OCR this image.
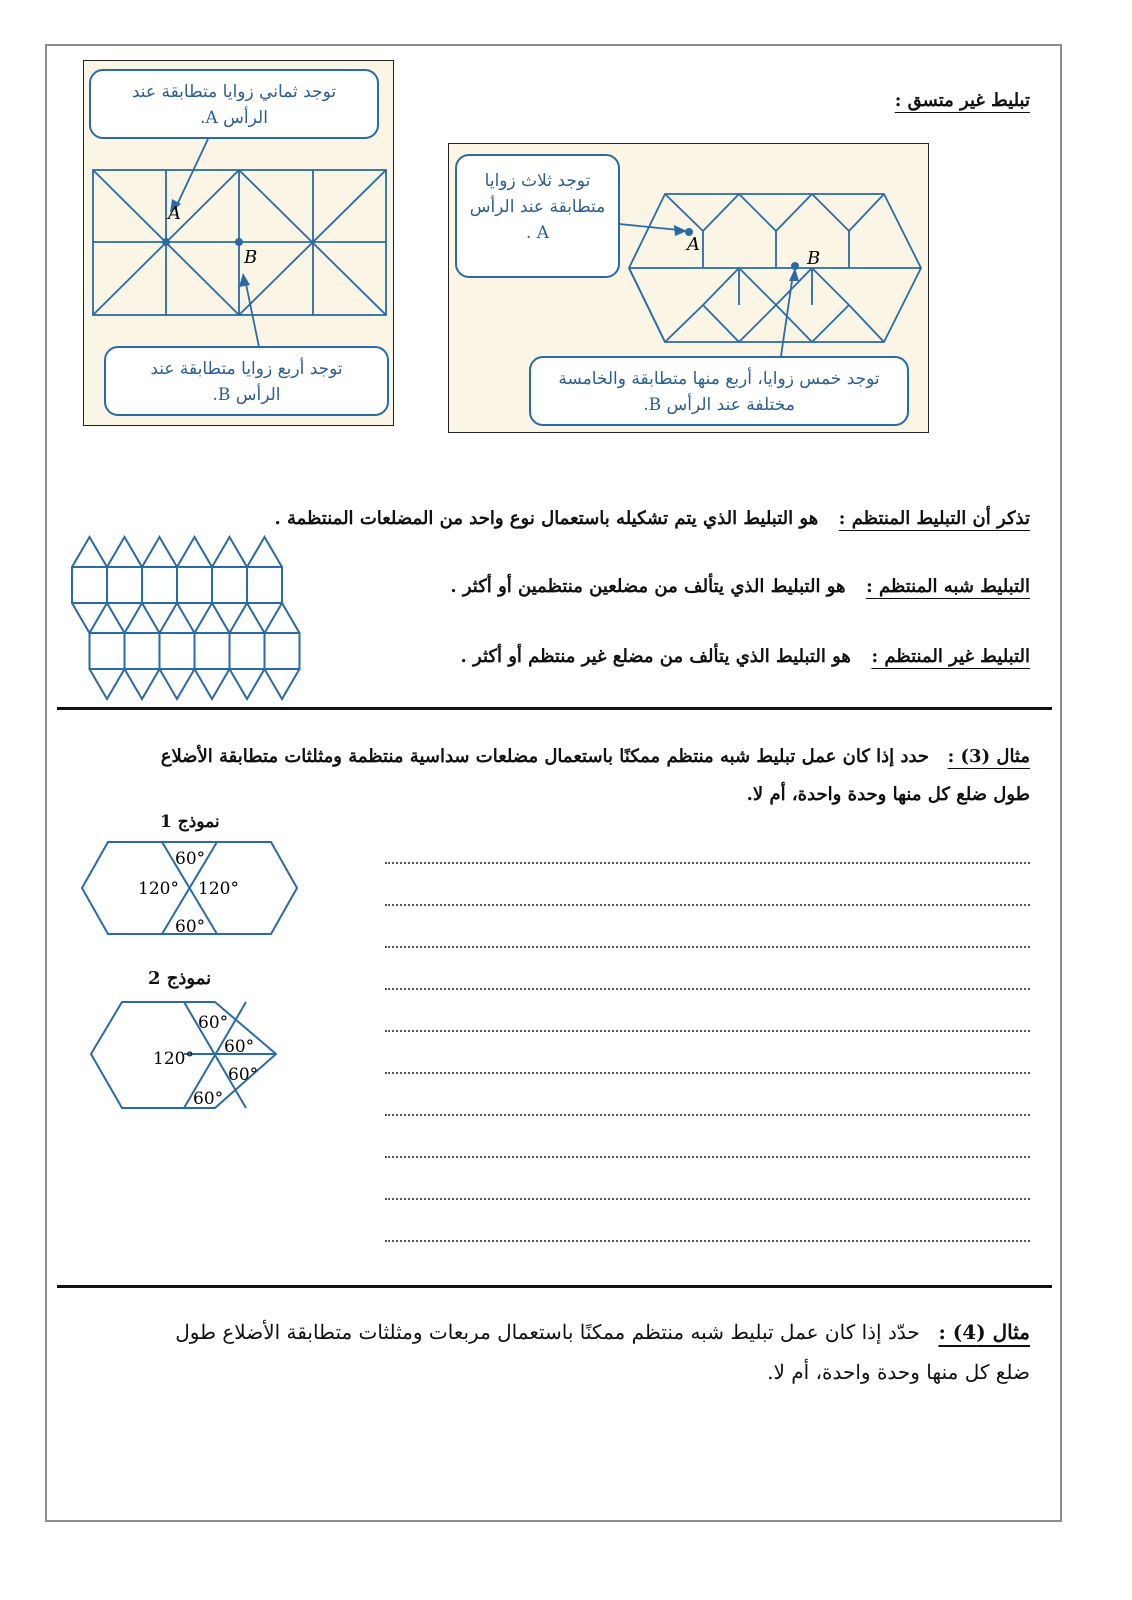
تبليط غير متسق :
A
B
توجد ثماني زوايا متطابقة عند الرأس A.
توجد أربع زوايا متطابقة عند الرأس B.
A
B
توجد ثلاث زوايا متطابقة عند الرأس A .
توجد خمس زوايا، أربع منها متطابقة والخامسة مختلفة عند الرأس B.
تذكر أن التبليط المنتظم :  هو التبليط الذي يتم تشكيله باستعمال نوع واحد من المضلعات المنتظمة .
التبليط شبه المنتظم :  هو التبليط الذي يتألف من مضلعين منتظمين أو أكثر .
التبليط غير المنتظم :  هو التبليط الذي يتألف من مضلع غير منتظم أو أكثر .
مثال (3) :  حدد إذا كان عمل تبليط شبه منتظم ممكنًا باستعمال مضلعات سداسية منتظمة ومثلثات متطابقة الأضلاع طول ضلع كل منها وحدة واحدة، أم لا.
نموذج 1
60°
120° 120°
60°
نموذج 2
60°
120°
60°
60°
60°
مثال (4) :  حدّد إذا كان عمل تبليط شبه منتظم ممكنًا باستعمال مربعات ومثلثات متطابقة الأضلاع طول ضلع كل منها وحدة واحدة، أم لا.
